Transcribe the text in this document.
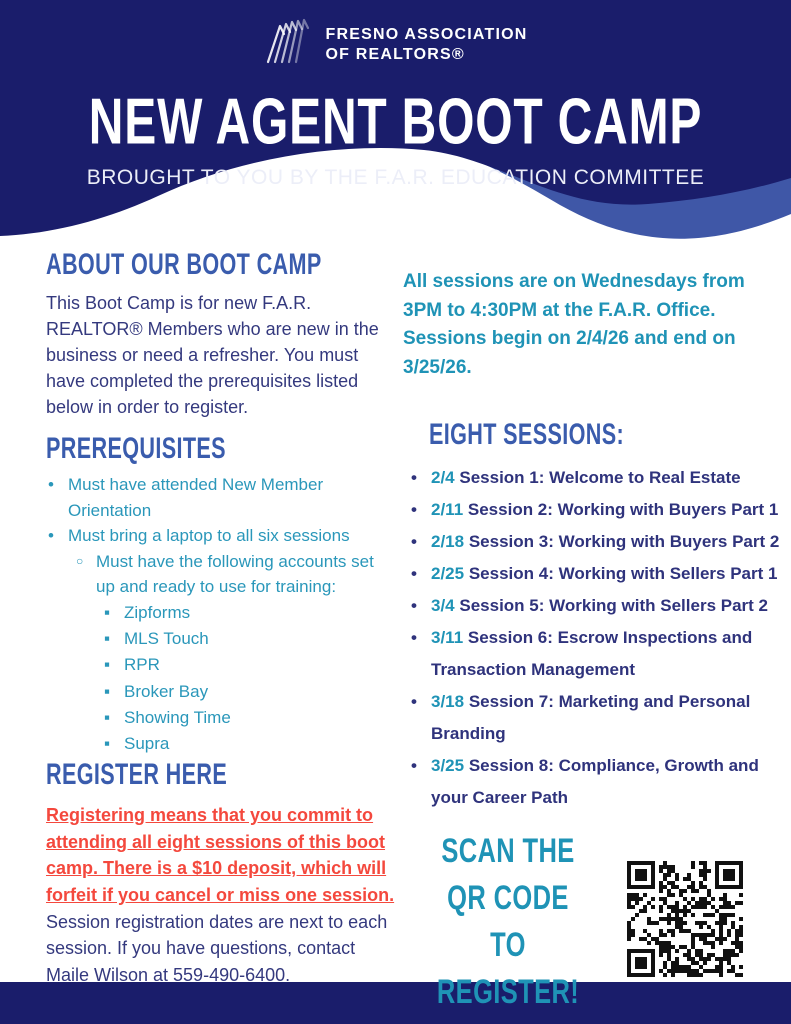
FRESNO ASSOCIATION
OF REALTORS®
NEW AGENT BOOT CAMP
BROUGHT TO YOU BY THE F.A.R. EDUCATION COMMITTEE
ABOUT OUR BOOT CAMP

This Boot Camp is for new F.A.R. REALTOR® Members who are new in the business or need a refresher. You must have completed the prerequisites listed below in order to register.

PREREQUISITES
• Must have attended New Member Orientation
• Must bring a laptop to all six sessions
○ Must have the following accounts set up and ready to use for training:
▪ Zipforms
▪ MLS Touch
▪ RPR
▪ Broker Bay
▪ Showing Time
▪ Supra
REGISTER HERE

Registering means that you commit to attending all eight sessions of this boot camp. There is a $10 deposit, which will forfeit if you cancel or miss one session.

Session registration dates are next to each session. If you have questions, contact Maile Wilson at 559-490-6400.

All sessions are on Wednesdays from 3PM to 4:30PM at the F.A.R. Office. Sessions begin on 2/4/26 and end on 3/25/26.

EIGHT SESSIONS:
• 2/4 Session 1: Welcome to Real Estate
• 2/11 Session 2: Working with Buyers Part 1
• 2/18 Session 3: Working with Buyers Part 2
• 2/25 Session 4: Working with Sellers Part 1
• 3/4 Session 5: Working with Sellers Part 2
• 3/11 Session 6: Escrow Inspections and Transaction Management
• 3/18 Session 7: Marketing and Personal Branding
• 3/25 Session 8: Compliance, Growth and your Career Path
SCAN THE QR CODE TO REGISTER!
